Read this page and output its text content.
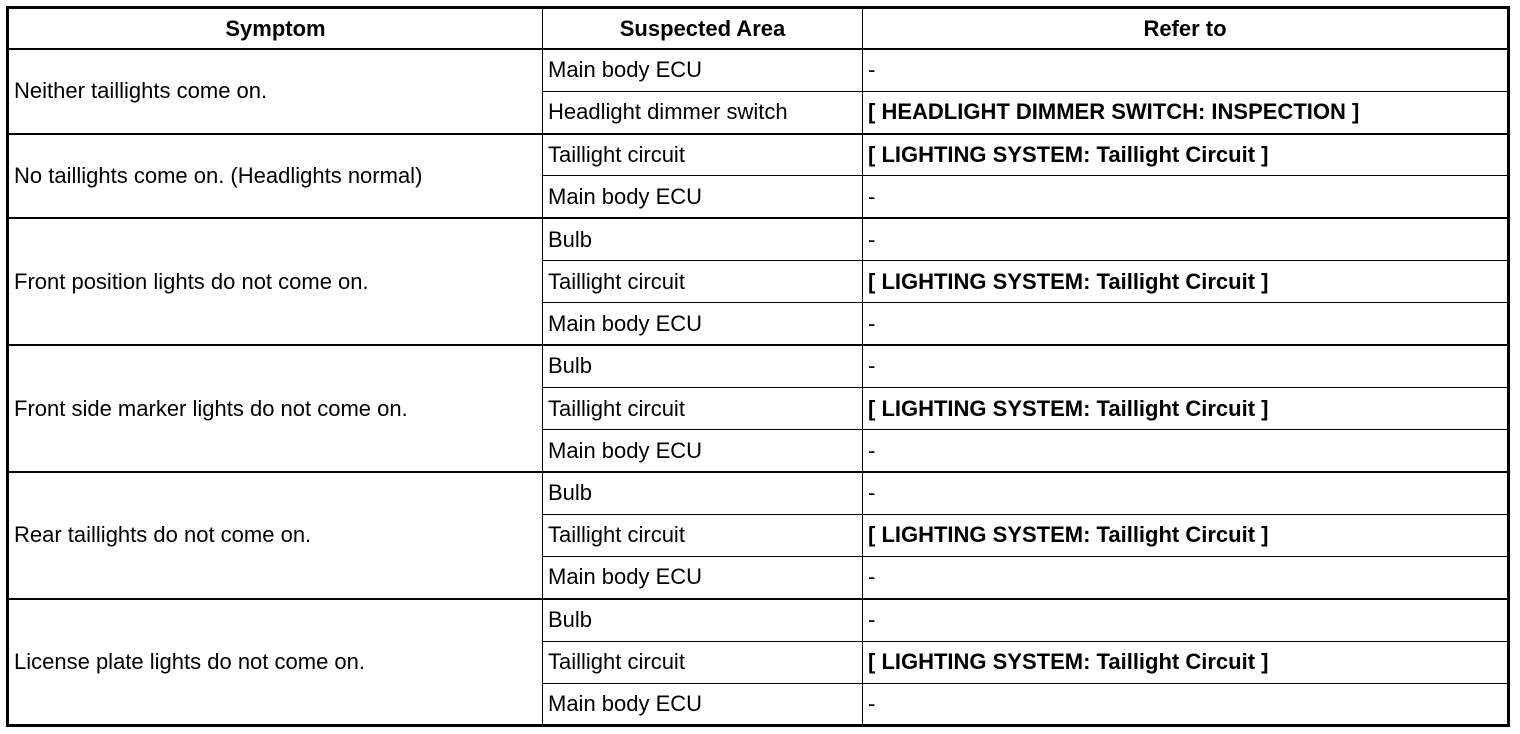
Symptom	Suspected Area	Refer to
Neither taillights come on.	Main body ECU	-
	Headlight dimmer switch	[ HEADLIGHT DIMMER SWITCH: INSPECTION ]
No taillights come on. (Headlights normal)	Taillight circuit	[ LIGHTING SYSTEM: Taillight Circuit ]
	Main body ECU	-
Front position lights do not come on.	Bulb	-
	Taillight circuit	[ LIGHTING SYSTEM: Taillight Circuit ]
	Main body ECU	-
Front side marker lights do not come on.	Bulb	-
	Taillight circuit	[ LIGHTING SYSTEM: Taillight Circuit ]
	Main body ECU	-
Rear taillights do not come on.	Bulb	-
	Taillight circuit	[ LIGHTING SYSTEM: Taillight Circuit ]
	Main body ECU	-
License plate lights do not come on.	Bulb	-
	Taillight circuit	[ LIGHTING SYSTEM: Taillight Circuit ]
	Main body ECU	-
